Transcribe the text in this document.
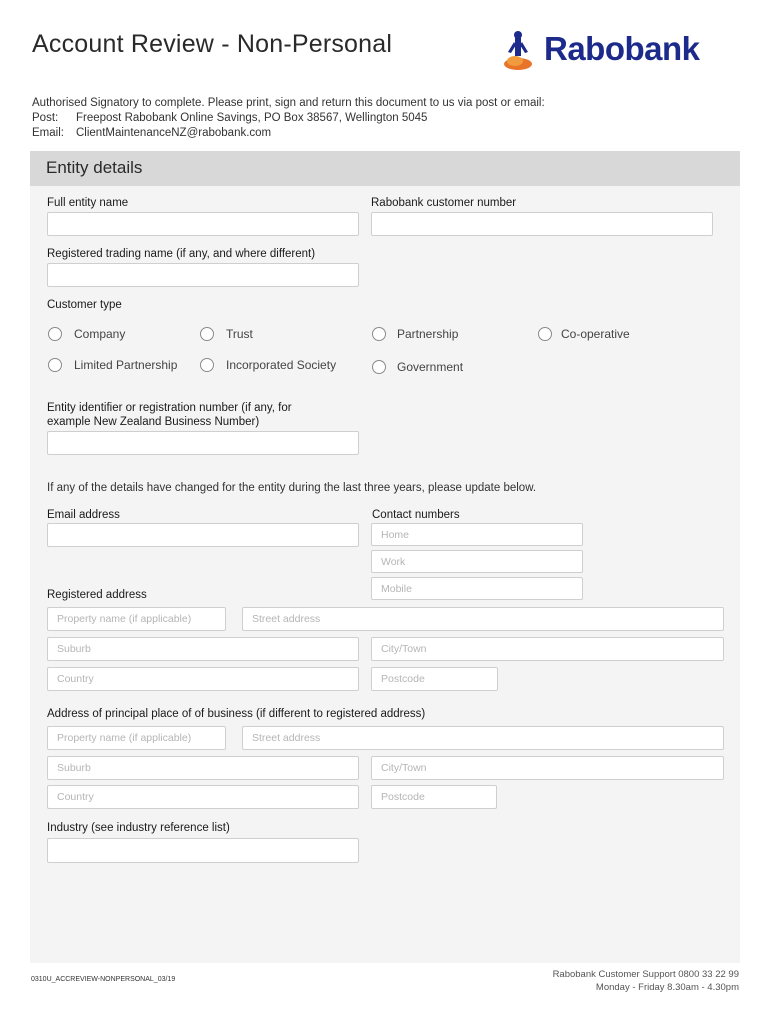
Account Review - Non-Personal	Rabobank
Authorised Signatory to complete. Please print, sign and return this document to us via post or email:
Post:	Freepost Rabobank Online Savings, PO Box 38567, Wellington 5045
Email:	ClientMaintenanceNZ@rabobank.com
Entity details
Full entity name	Rabobank customer number
Registered trading name (if any, and where different)
Customer type
Company	Trust	Partnership	Co-operative
Limited Partnership	Incorporated Society	Government
Entity identifier or registration number (if any, for
example New Zealand Business Number)
If any of the details have changed for the entity during the last three years, please update below.
Email address	Contact numbers
Home
Work
Mobile
Registered address
Property name (if applicable)	Street address
Suburb	City/Town
Country	Postcode
Address of principal place of of business (if different to registered address)
Property name (if applicable)	Street address
Suburb	City/Town
Country	Postcode
Industry (see industry reference list)
0310U_ACCREVIEW-NONPERSONAL_03/19	Rabobank Customer Support 0800 33 22 99
Monday - Friday 8.30am - 4.30pm
